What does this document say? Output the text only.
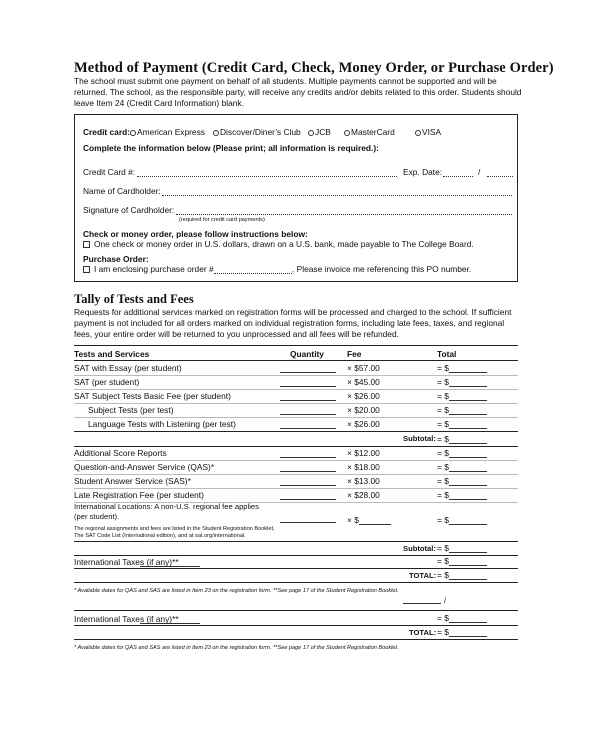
Method of Payment (Credit Card, Check, Money Order, or Purchase Order)
The school must submit one payment on behalf of all students. Multiple payments cannot be supported and will be returned. The school, as the responsible party, will receive any credits and/or debits related to this order. Students should leave Item 24 (Credit Card Information) blank.
Credit card: American Express	Discover/Diner’s Club	JCB	MasterCard	VISA
Complete the information below (Please print; all information is required.):
Credit Card #:	Exp. Date:	/
Name of Cardholder:
Signature of Cardholder:
(required for credit card payments)
Check or money order, please follow instructions below:
One check or money order in U.S. dollars, drawn on a U.S. bank, made payable to The College Board.
Purchase Order:
I am enclosing purchase order #	. Please invoice me referencing this PO number.
Tally of Tests and Fees
Requests for additional services marked on registration forms will be processed and charged to the school. If sufficient payment is not included for all orders marked on individual registration forms, including late fees, taxes, and regional fees, your entire order will be returned to you unprocessed and all fees will be refunded.
Tests and Services	Quantity	Fee	Total
SAT with Essay (per student)	× $57.00	= $
SAT (per student)	× $45.00	= $
SAT Subject Tests Basic Fee (per student)	× $26.00	= $
Subject Tests (per test)	× $20.00	= $
Language Tests with Listening (per test)	× $26.00	= $
Subtotal: = $
Additional Score Reports	× $12.00	= $
Question-and-Answer Service (QAS)*	× $18.00	= $
Student Answer Service (SAS)*	× $13.00	= $
Late Registration Fee (per student)	× $28.00	= $
International Locations: A non-U.S. regional fee applies
(per student).	× $	= $
The regional assignments and fees are listed in the Student Registration Booklet,
The SAT Code List (International edition), and at sat.org/international.
Subtotal: = $
International Taxes (if any)**	= $
TOTAL: = $
* Available dates for QAS and SAS are listed in Item 23 on the registration form. **See page 17 of the Student Registration Booklet.
/
International Taxes (if any)**	= $
TOTAL: = $
* Available dates for QAS and SAS are listed in Item 23 on the registration form. **See page 17 of the Student Registration Booklet.
